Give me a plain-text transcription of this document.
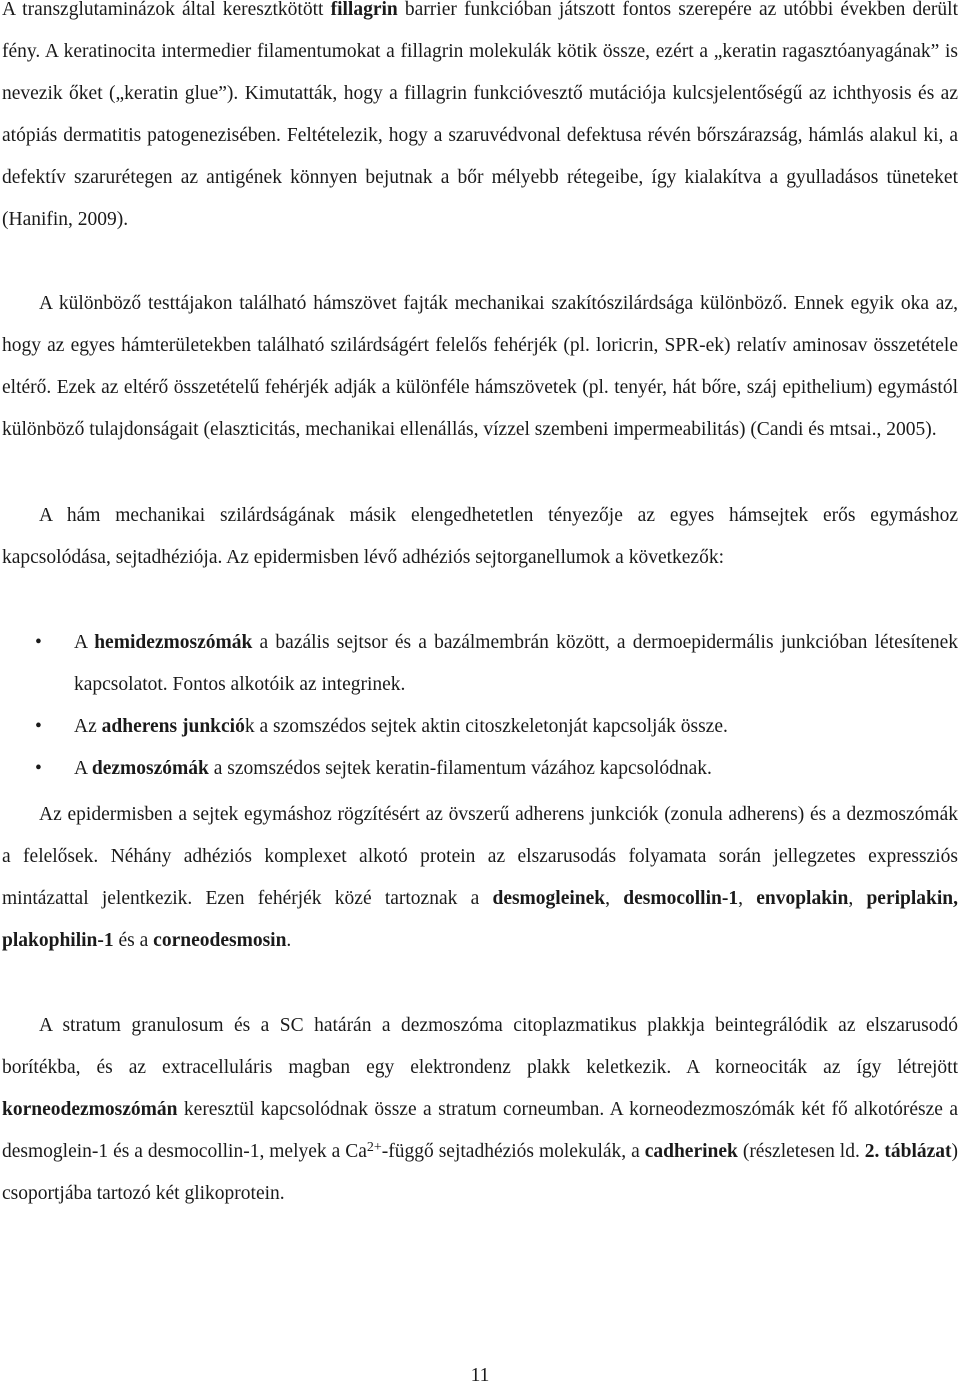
A transzglutaminázok által keresztkötött fillagrin barrier funkcióban játszott fontos szerepére az utóbbi években derült fény. A keratinocita intermedier filamentumokat a fillagrin molekulák kötik össze, ezért a „keratin ragasztóanyagának” is nevezik őket („keratin glue”). Kimutatták, hogy a fillagrin funkcióvesztő mutációja kulcsjelentőségű az ichthyosis és az atópiás dermatitis patogenezisében. Feltételezik, hogy a szaruvédvonal defektusa révén bőrszárazság, hámlás alakul ki, a defektív szarurétegen az antigének könnyen bejutnak a bőr mélyebb rétegeibe, így kialakítva a gyulladásos tüneteket (Hanifin, 2009).

A különböző testtájakon található hámszövet fajták mechanikai szakítószilárdsága különböző. Ennek egyik oka az, hogy az egyes hámterületekben található szilárdságért felelős fehérjék (pl. loricrin, SPR-ek) relatív aminosav összetétele eltérő. Ezek az eltérő összetételű fehérjék adják a különféle hámszövetek (pl. tenyér, hát bőre, száj epithelium) egymástól különböző tulajdonságait (elaszticitás, mechanikai ellenállás, vízzel szembeni impermeabilitás) (Candi és mtsai., 2005).

A hám mechanikai szilárdságának másik elengedhetetlen tényezője az egyes hámsejtek erős egymáshoz kapcsolódása, sejtadhéziója. Az epidermisben lévő adhéziós sejtorganellumok a következők:

• A hemidezmoszómák a bazális sejtsor és a bazálmembrán között, a dermoepidermális junkcióban létesítenek kapcsolatot. Fontos alkotóik az integrinek.
• Az adherens junkciók a szomszédos sejtek aktin citoszkeletonját kapcsolják össze.
• A dezmoszómák a szomszédos sejtek keratin-filamentum vázához kapcsolódnak.

Az epidermisben a sejtek egymáshoz rögzítésért az övszerű adherens junkciók (zonula adherens) és a dezmoszómák a felelősek. Néhány adhéziós komplexet alkotó protein az elszarusodás folyamata során jellegzetes expressziós mintázattal jelentkezik. Ezen fehérjék közé tartoznak a desmogleinek, desmocollin-1, envoplakin, periplakin, plakophilin-1 és a corneodesmosin.

A stratum granulosum és a SC határán a dezmoszóma citoplazmatikus plakkja beintegrálódik az elszarusodó borítékba, és az extracelluláris magban egy elektrondenz plakk keletkezik. A korneociták az így létrejött korneodezmoszómán keresztül kapcsolódnak össze a stratum corneumban. A korneodezmoszómák két fő alkotórésze a desmoglein-1 és a desmocollin-1, melyek a $Ca^{2+}$-függő sejtadhéziós molekulák, a cadherinek (részletesen ld. 2. táblázat) csoportjába tartozó két glikoprotein.

11
